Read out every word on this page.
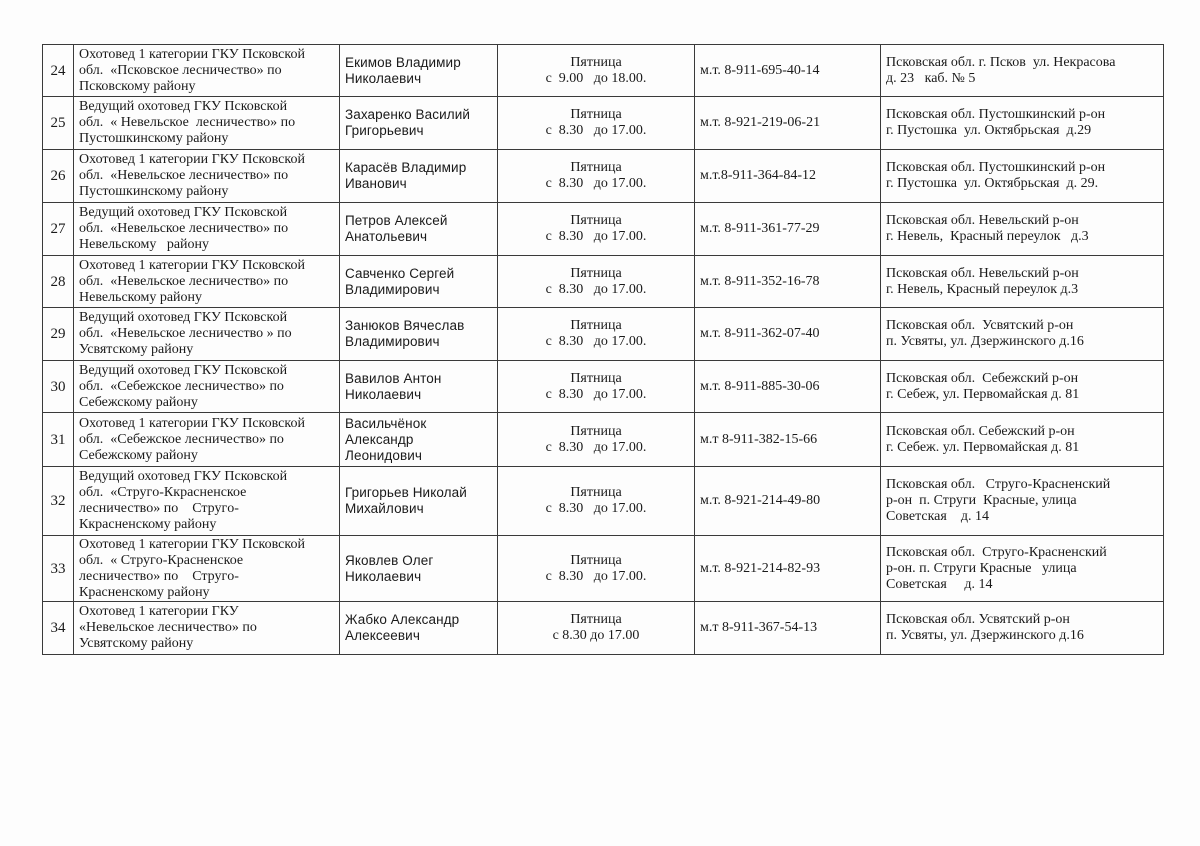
24	Охотовед 1 категории ГКУ Псковской
обл.  «Псковское лесничество» по
Псковскому району	Екимов Владимир
Николаевич	Пятница
с  9.00   до 18.00.	м.т. 8-911-695-40-14	Псковская обл. г. Псков  ул. Некрасова
д. 23   каб. № 5

25	Ведущий охотовед ГКУ Псковской
обл.  « Невельское  лесничество» по
Пустошкинскому району	Захаренко Василий
Григорьевич	Пятница
с  8.30   до 17.00.	м.т. 8-921-219-06-21	Псковская обл. Пустошкинский р-он
г. Пустошка  ул. Октябрьская  д.29

26	Охотовед 1 категории ГКУ Псковской
обл.  «Невельское лесничество» по
Пустошкинскому району	Карасёв Владимир
Иванович	Пятница
с  8.30   до 17.00.	м.т.8-911-364-84-12	Псковская обл. Пустошкинский р-он
г. Пустошка  ул. Октябрьская  д. 29.

27	Ведущий охотовед ГКУ Псковской
обл.  «Невельское лесничество» по
Невельскому   району	Петров Алексей
Анатольевич	Пятница
с  8.30   до 17.00.	м.т. 8-911-361-77-29	Псковская обл. Невельский р-он
г. Невель,  Красный переулок   д.3

28	Охотовед 1 категории ГКУ Псковской
обл.  «Невельское лесничество» по
Невельскому району	Савченко Сергей
Владимирович	Пятница
с  8.30   до 17.00.	м.т. 8-911-352-16-78	Псковская обл. Невельский р-он
г. Невель, Красный переулок д.3

29	Ведущий охотовед ГКУ Псковской
обл.  «Невельское лесничество » по
Усвятскому району	Занюков Вячеслав
Владимирович	Пятница
с  8.30   до 17.00.	м.т. 8-911-362-07-40	Псковская обл.  Усвятский р-он
п. Усвяты, ул. Дзержинского д.16

30	Ведущий охотовед ГКУ Псковской
обл.  «Себежское лесничество» по
Себежскому району	Вавилов Антон
Николаевич	Пятница
с  8.30   до 17.00.	м.т. 8-911-885-30-06	Псковская обл.  Себежский р-он
г. Себеж, ул. Первомайская д. 81

31	Охотовед 1 категории ГКУ Псковской
обл.  «Себежское лесничество» по
Себежскому району	Васильчёнок
Александр
Леонидович	Пятница
с  8.30   до 17.00.	м.т 8-911-382-15-66	Псковская обл. Себежский р-он
г. Себеж. ул. Первомайская д. 81

32	Ведущий охотовед ГКУ Псковской
обл.  «Стругo-Ккрасненское
лесничество» по    Стругo-
Ккрасненскому району	Григорьев Николай
Михайлович	Пятница
с  8.30   до 17.00.	м.т. 8-921-214-49-80	Псковская обл.   Стругo-Красненский
р-он  п. Струги  Красные, улица
Советская    д. 14

33	Охотовед 1 категории ГКУ Псковской
обл.  « Стругo-Красненское
лесничество» по    Стругo-
Красненскому району	Яковлев Олег
Николаевич	Пятница
с  8.30   до 17.00.	м.т. 8-921-214-82-93	Псковская обл.  Стругo-Красненский
р-он. п. Струги Красные   улица
Советская     д. 14

34	Охотовед 1 категории ГКУ
«Невельское лесничество» по
Усвятскому району	Жабко Александр
Алексеевич	Пятница
с 8.30 до 17.00	м.т 8-911-367-54-13	Псковская обл. Усвятский р-он
п. Усвяты, ул. Дзержинского д.16
